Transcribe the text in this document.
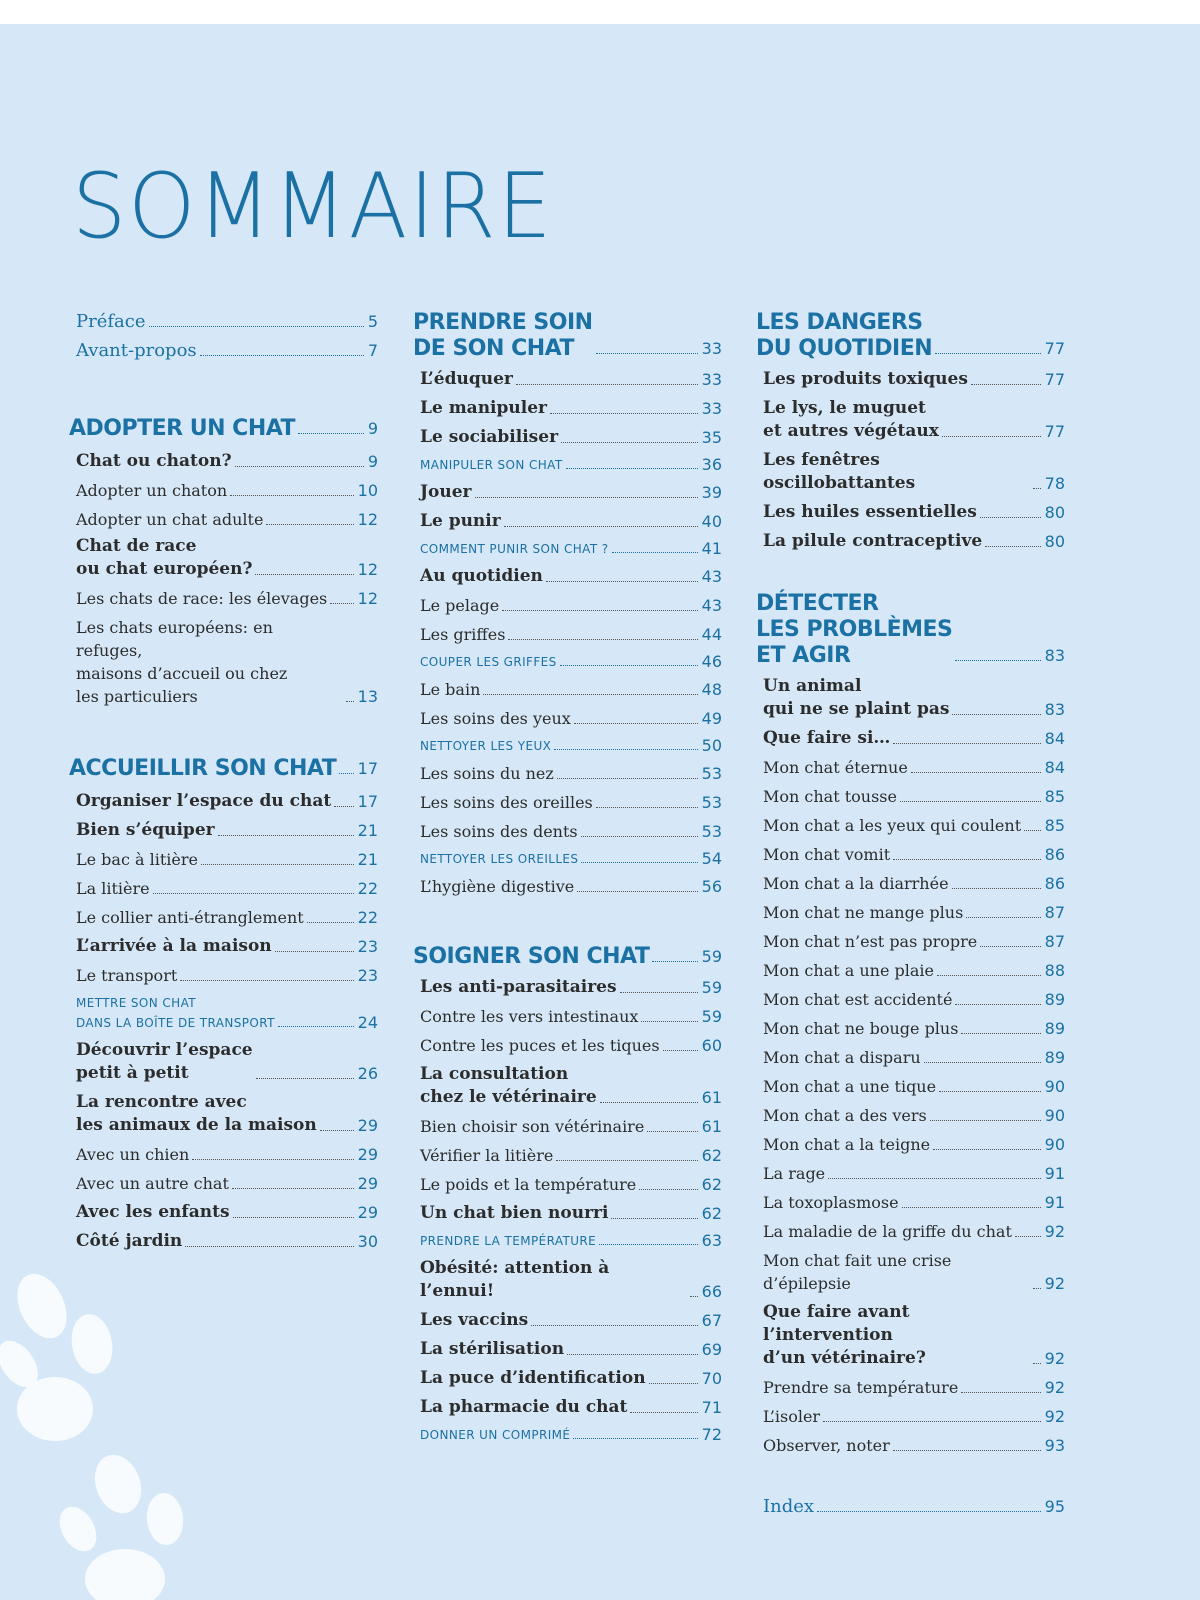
SOMMAIRE
Préface	5
Avant-propos	7
ADOPTER UN CHAT	9
Chat ou chaton?	9
Adopter un chaton	10
Adopter un chat adulte	12
Chat de race
ou chat européen?	12
Les chats de race: les élevages 12
Les chats européens: en refuges,
maisons d’accueil ou chez
les particuliers	13
ACCUEILLIR SON CHAT 17
Organiser l’espace du chat 17
Bien s’équiper	21
Le bac à litière	21
La litière	22
Le collier anti-étranglement	22
L’arrivée à la maison	23
Le transport	23
METTRE SON CHAT
DANS LA BOÎTE DE TRANSPORT	24
Découvrir l’espace
petit à petit	26
La rencontre avec
les animaux de la maison	29
Avec un chien	29
Avec un autre chat	29
Avec les enfants	29
Côté jardin	30
PRENDRE SOIN
DE SON CHAT	33
L’éduquer	33
Le manipuler	33
Le sociabiliser	35
MANIPULER SON CHAT	36
Jouer	39
Le punir	40
COMMENT PUNIR SON CHAT ?	41
Au quotidien	43
Le pelage	43
Les griffes	44
COUPER LES GRIFFES	46
Le bain	48
Les soins des yeux	49
NETTOYER LES YEUX	50
Les soins du nez	53
Les soins des oreilles	53
Les soins des dents	53
NETTOYER LES OREILLES	54
L’hygiène digestive	56
SOIGNER SON CHAT	59
Les anti-parasitaires	59
Contre les vers intestinaux	59
Contre les puces et les tiques	60
La consultation
chez le vétérinaire	61
Bien choisir son vétérinaire	61
Vérifier la litière	62
Le poids et la température	62
Un chat bien nourri	62
PRENDRE LA TEMPÉRATURE	63
Obésité: attention à l’ennui!	66
Les vaccins	67
La stérilisation	69
La puce d’identification	70
La pharmacie du chat	71
DONNER UN COMPRIMÉ	72
LES DANGERS
DU QUOTIDIEN	77
Les produits toxiques	77
Le lys, le muguet
et autres végétaux	77
Les fenêtres oscillobattantes	78
Les huiles essentielles	80
La pilule contraceptive	80
DÉTECTER
LES PROBLÈMES
ET AGIR	83
Un animal
qui ne se plaint pas	83
Que faire si…	84
Mon chat éternue	84
Mon chat tousse	85
Mon chat a les yeux qui coulent 85
Mon chat vomit	86
Mon chat a la diarrhée	86
Mon chat ne mange plus	87
Mon chat n’est pas propre	87
Mon chat a une plaie	88
Mon chat est accidenté	89
Mon chat ne bouge plus	89
Mon chat a disparu	89
Mon chat a une tique	90
Mon chat a des vers	90
Mon chat a la teigne	90
La rage	91
La toxoplasmose	91
La maladie de la griffe du chat 92
Mon chat fait une crise d’épilepsie	92
Que faire avant l’intervention
d’un vétérinaire?	92
Prendre sa température	92
L’isoler	92
Observer, noter	93
Index	95
